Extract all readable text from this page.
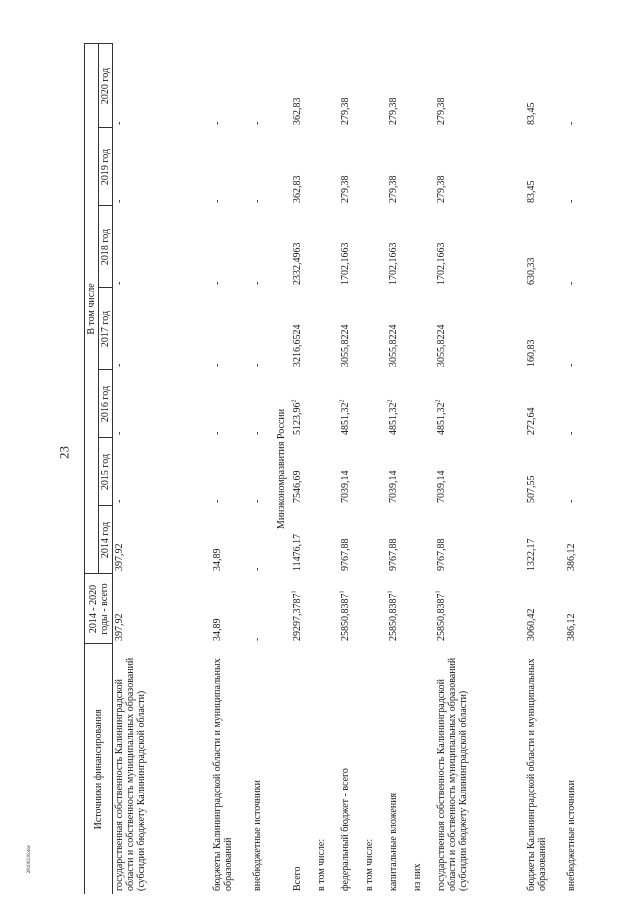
23
28100216.doc
Источники финансирования	2014 - 2020 годы - всего	В том числе						
		2014 год	2015 год	2016 год	2017 год	2018 год	2019 год	2020 год
государственная собственность Калининградской области и собственность муниципальных образований (субсидии бюджету Калининградской области)	397,92	397,92	-	-	-	-	-	-
бюджеты Калининградской области и муниципальных образований	34,89	34,89	-	-	-	-	-	-
внебюджетные источники	-	-	-	-	-	-	-	-
Минэкономразвития России								
Всего	29297,3787$^1$	11476,17	7546,69	5123,96$^2$	3216,6524	2332,4963	362,83	362,83
в том числе:								
федеральный бюджет - всего	25850,8387$^1$	9767,88	7039,14	4851,32$^2$	3055,8224	1702,1663	279,38	279,38
в том числе:								
капитальные вложения	25850,8387$^1$	9767,88	7039,14	4851,32$^2$	3055,8224	1702,1663	279,38	279,38
из них								
государственная собственность Калининградской области и собственность муниципальных образований (субсидии бюджету Калининградской области)	25850,8387$^1$	9767,88	7039,14	4851,32$^2$	3055,8224	1702,1663	279,38	279,38
бюджеты Калининградской области и муниципальных образований	3060,42	1322,17	507,55	272,64	160,83	630,33	83,45	83,45
внебюджетные источники	386,12	386,12	-	-	-	-	-	-
